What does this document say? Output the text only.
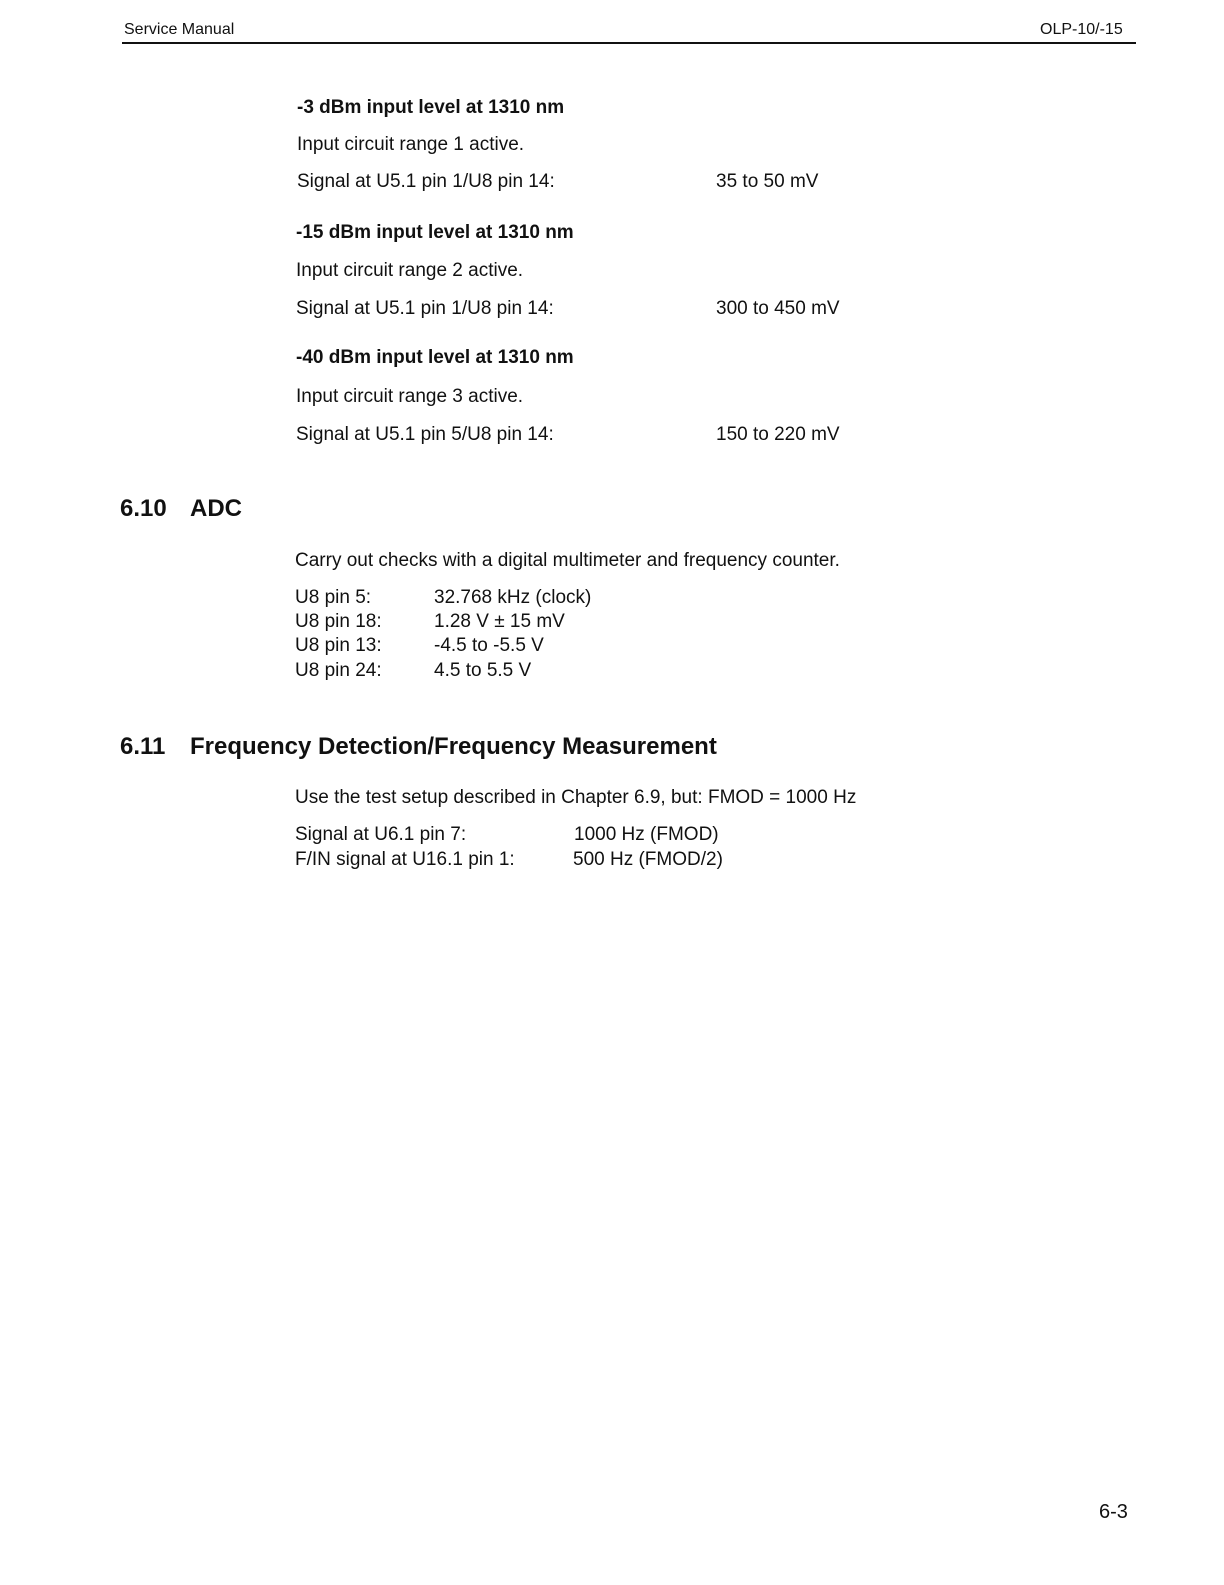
Service Manual	OLP-10/-15
-3 dBm input level at 1310 nm
Input circuit range 1 active.
Signal at U5.1 pin 1/U8 pin 14:	35 to 50 mV
-15 dBm input level at 1310 nm
Input circuit range 2 active.
Signal at U5.1 pin 1/U8 pin 14:	300 to 450 mV
-40 dBm input level at 1310 nm
Input circuit range 3 active.
Signal at U5.1 pin 5/U8 pin 14:	150 to 220 mV
6.10 ADC
Carry out checks with a digital multimeter and frequency counter.
U8 pin 5:	32.768 kHz (clock)
U8 pin 18:	1.28 V ± 15 mV
U8 pin 13:	-4.5 to -5.5 V
U8 pin 24:	4.5 to 5.5 V
6.11 Frequency Detection/Frequency Measurement
Use the test setup described in Chapter 6.9, but: FMOD = 1000 Hz
Signal at U6.1 pin 7:	1000 Hz (FMOD)
F/IN signal at U16.1 pin 1:	500 Hz (FMOD/2)
6-3
